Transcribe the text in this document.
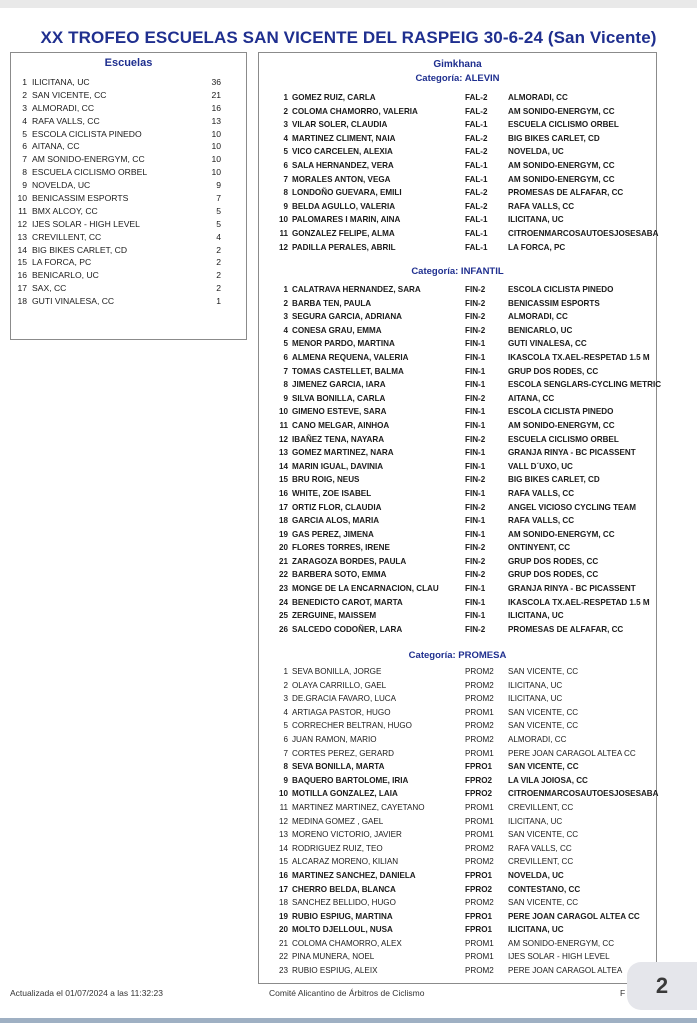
XX TROFEO ESCUELAS SAN VICENTE DEL RASPEIG 30-6-24 (San Vicente)
Escuelas
1 ILICITANA, UC	36
2 SAN VICENTE, CC	21
3 ALMORADI, CC	16
4 RAFA VALLS, CC	13
5 ESCOLA CICLISTA PINEDO	10
6 AITANA, CC	10
7 AM SONIDO-ENERGYM, CC	10
8 ESCUELA CICLISMO ORBEL	10
9 NOVELDA, UC	9
10 BENICASSIM ESPORTS	7
11 BMX ALCOY, CC	5
12 IJES SOLAR - HIGH LEVEL	5
13 CREVILLENT, CC	4
14 BIG BIKES CARLET, CD	2
15 LA FORCA, PC	2
16 BENICARLO, UC	2
17 SAX, CC	2
18 GUTI VINALESA, CC	1
Gimkhana
Categoría: ALEVIN
1 GOMEZ RUIZ, CARLA	FAL-2	ALMORADI, CC
2 COLOMA CHAMORRO, VALERIA	FAL-2	AM SONIDO-ENERGYM, CC
3 VILAR SOLER, CLAUDIA	FAL-1	ESCUELA CICLISMO ORBEL
4 MARTINEZ CLIMENT, NAIA	FAL-2	BIG BIKES CARLET, CD
5 VICO CARCELEN, ALEXIA	FAL-2	NOVELDA, UC
6 SALA HERNANDEZ, VERA	FAL-1	AM SONIDO-ENERGYM, CC
7 MORALES ANTON, VEGA	FAL-1	AM SONIDO-ENERGYM, CC
8 LONDOÑO GUEVARA, EMILI	FAL-2	PROMESAS DE ALFAFAR, CC
9 BELDA AGULLO, VALERIA	FAL-2	RAFA VALLS, CC
10 PALOMARES I MARIN, AINA	FAL-1	ILICITANA, UC
11 GONZALEZ FELIPE, ALMA	FAL-1	CITROENMARCOSAUTOESJOSESABA
12 PADILLA PERALES, ABRIL	FAL-1	LA FORCA, PC
Categoría: INFANTIL
1 CALATRAVA HERNANDEZ, SARA	FIN-2	ESCOLA CICLISTA PINEDO
2 BARBA TEN, PAULA	FIN-2	BENICASSIM ESPORTS
3 SEGURA GARCIA, ADRIANA	FIN-2	ALMORADI, CC
4 CONESA GRAU, EMMA	FIN-2	BENICARLO, UC
5 MENOR PARDO, MARTINA	FIN-1	GUTI VINALESA, CC
6 ALMENA REQUENA, VALERIA	FIN-1	IKASCOLA TX.AEL-RESPETAD 1.5 M
7 TOMAS CASTELLET, BALMA	FIN-1	GRUP DOS RODES, CC
8 JIMENEZ GARCIA, IARA	FIN-1	ESCOLA SENGLARS-CYCLING METRIC
9 SILVA BONILLA, CARLA	FIN-2	AITANA, CC
10 GIMENO ESTEVE, SARA	FIN-1	ESCOLA CICLISTA PINEDO
11 CANO MELGAR, AINHOA	FIN-1	AM SONIDO-ENERGYM, CC
12 IBAÑEZ TENA, NAYARA	FIN-2	ESCUELA CICLISMO ORBEL
13 GOMEZ MARTINEZ, NARA	FIN-1	GRANJA RINYA - BC PICASSENT
14 MARIN IGUAL, DAVINIA	FIN-1	VALL D´UXO, UC
15 BRU ROIG, NEUS	FIN-2	BIG BIKES CARLET, CD
16 WHITE, ZOE ISABEL	FIN-1	RAFA VALLS, CC
17 ORTIZ FLOR, CLAUDIA	FIN-2	ANGEL VICIOSO CYCLING TEAM
18 GARCIA ALOS, MARIA	FIN-1	RAFA VALLS, CC
19 GAS PEREZ, JIMENA	FIN-1	AM SONIDO-ENERGYM, CC
20 FLORES TORRES, IRENE	FIN-2	ONTINYENT, CC
21 ZARAGOZA BORDES, PAULA	FIN-2	GRUP DOS RODES, CC
22 BARBERA SOTO, EMMA	FIN-2	GRUP DOS RODES, CC
23 MONGE DE LA ENCARNACION, CLAU	FIN-1	GRANJA RINYA - BC PICASSENT
24 BENEDICTO CAROT, MARTA	FIN-1	IKASCOLA TX.AEL-RESPETAD 1.5 M
25 ZERGUINE, MAISSEM	FIN-1	ILICITANA, UC
26 SALCEDO CODOÑER, LARA	FIN-2	PROMESAS DE ALFAFAR, CC
Categoría: PROMESA
1 SEVA BONILLA, JORGE	PROM2 SAN VICENTE, CC
2 OLAYA CARRILLO, GAEL	PROM2 ILICITANA, UC
3 DE.GRACIA FAVARO, LUCA	PROM2 ILICITANA, UC
4 ARTIAGA PASTOR, HUGO	PROM1 SAN VICENTE, CC
5 CORRECHER BELTRAN, HUGO	PROM2 SAN VICENTE, CC
6 JUAN RAMON, MARIO	PROM2 ALMORADI, CC
7 CORTES PEREZ, GERARD	PROM1 PERE JOAN CARAGOL ALTEA CC
8 SEVA BONILLA, MARTA	FPRO1 SAN VICENTE, CC
9 BAQUERO BARTOLOME, IRIA	FPRO2 LA VILA JOIOSA, CC
10 MOTILLA GONZALEZ, LAIA	FPRO2 CITROENMARCOSAUTOESJOSESABA
11 MARTINEZ MARTINEZ, CAYETANO	PROM1 CREVILLENT, CC
12 MEDINA GOMEZ , GAEL	PROM1 ILICITANA, UC
13 MORENO VICTORIO, JAVIER	PROM1 SAN VICENTE, CC
14 RODRIGUEZ RUIZ, TEO	PROM2 RAFA VALLS, CC
15 ALCARAZ MORENO, KILIAN	PROM2 CREVILLENT, CC
16 MARTINEZ SANCHEZ, DANIELA	FPRO1 NOVELDA, UC
17 CHERRO BELDA, BLANCA	FPRO2 CONTESTANO, CC
18 SANCHEZ BELLIDO, HUGO	PROM2 SAN VICENTE, CC
19 RUBIO ESPIUG, MARTINA	FPRO1 PERE JOAN CARAGOL ALTEA CC
20 MOLTO DJELLOUL, NUSA	FPRO1 ILICITANA, UC
21 COLOMA CHAMORRO, ALEX	PROM1 AM SONIDO-ENERGYM, CC
22 PINA MUNERA, NOEL	PROM1 IJES SOLAR - HIGH LEVEL
23 RUBIO ESPIUG, ALEIX	PROM2 PERE JOAN CARAGOL ALTEA
Actualizada el 01/07/2024 a las 11:32:23	Comité Alicantino de Árbitros de Ciclismo	F	2
